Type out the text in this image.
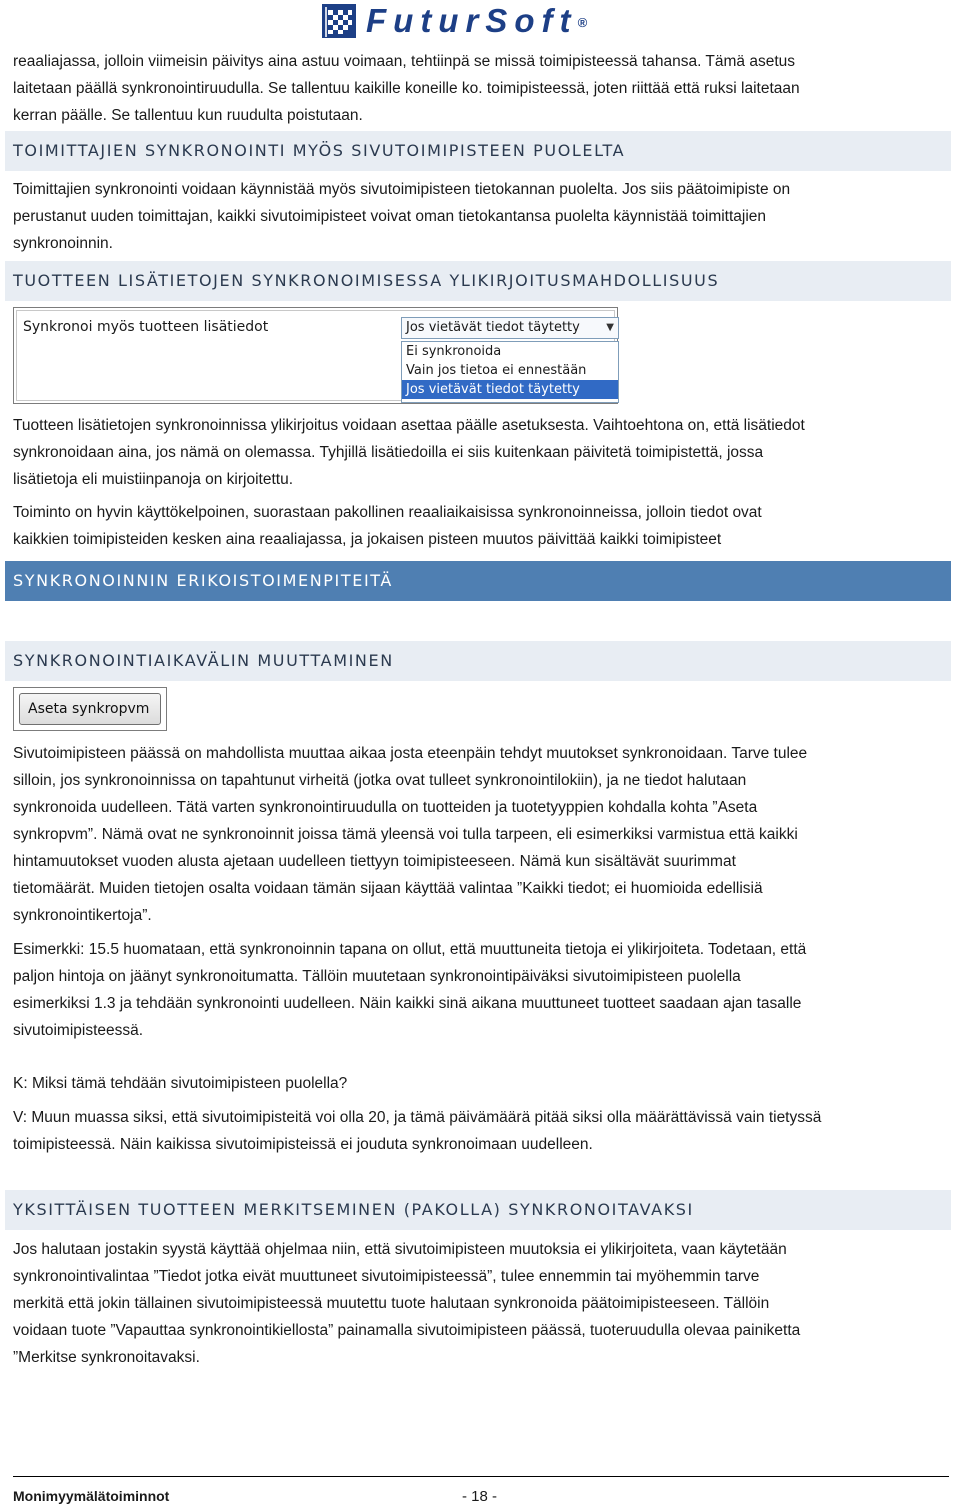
FuturSoft®

reaaliajassa, jolloin viimeisin päivitys aina astuu voimaan, tehtiinpä se missä toimipisteessä tahansa. Tämä asetus

laitetaan päällä synkronointiruudulla. Se tallentuu kaikille koneille ko. toimipisteessä, joten riittää että ruksi laitetaan

kerran päälle. Se tallentuu kun ruudulta poistutaan.

TOIMITTAJIEN SYNKRONOINTI MYÖS SIVUTOIMIPISTEEN PUOLELTA

Toimittajien synkronointi voidaan käynnistää myös sivutoimipisteen tietokannan puolelta. Jos siis päätoimipiste on

perustanut uuden toimittajan, kaikki sivutoimipisteet voivat oman tietokantansa puolelta käynnistää toimittajien

synkronoinnin.

TUOTTEEN LISÄTIETOJEN SYNKRONOIMISESSA YLIKIRJOITUSMAHDOLLISUUS
Synkronoi myös tuotteen lisätiedot	Jos vietävät tiedot täytetty	▼
Ei synkronoida
Vain jos tietoa ei ennestään
Jos vietävät tiedot täytetty

Tuotteen lisätietojen synkronoinnissa ylikirjoitus voidaan asettaa päälle asetuksesta. Vaihtoehtona on, että lisätiedot

synkronoidaan aina, jos nämä on olemassa. Tyhjillä lisätiedoilla ei siis kuitenkaan päivitetä toimipistettä, jossa

lisätietoja eli muistiinpanoja on kirjoitettu.

Toiminto on hyvin käyttökelpoinen, suorastaan pakollinen reaaliaikaisissa synkronoinneissa, jolloin tiedot ovat

kaikkien toimipisteiden kesken aina reaaliajassa, ja jokaisen pisteen muutos päivittää kaikki toimipisteet

SYNKRONOINNIN ERIKOISTOIMENPITEITÄ
SYNKRONOINTIAIKAVÄLIN MUUTTAMINEN
Aseta synkropvm

Sivutoimipisteen päässä on mahdollista muuttaa aikaa josta eteenpäin tehdyt muutokset synkronoidaan. Tarve tulee

silloin, jos synkronoinnissa on tapahtunut virheitä (jotka ovat tulleet synkronointilokiin), ja ne tiedot halutaan

synkronoida uudelleen. Tätä varten synkronointiruudulla on tuotteiden ja tuotetyyppien kohdalla kohta ”Aseta

synkropvm”. Nämä ovat ne synkronoinnit joissa tämä yleensä voi tulla tarpeen, eli esimerkiksi varmistua että kaikki

hintamuutokset vuoden alusta ajetaan uudelleen tiettyyn toimipisteeseen. Nämä kun sisältävät suurimmat

tietomäärät. Muiden tietojen osalta voidaan tämän sijaan käyttää valintaa ”Kaikki tiedot; ei huomioida edellisiä

synkronointikertoja”.

Esimerkki: 15.5 huomataan, että synkronoinnin tapana on ollut, että muuttuneita tietoja ei ylikirjoiteta. Todetaan, että

paljon hintoja on jäänyt synkronoitumatta. Tällöin muutetaan synkronointipäiväksi sivutoimipisteen puolella

esimerkiksi 1.3 ja tehdään synkronointi uudelleen. Näin kaikki sinä aikana muuttuneet tuotteet saadaan ajan tasalle

sivutoimipisteessä.

K: Miksi tämä tehdään sivutoimipisteen puolella?

V: Muun muassa siksi, että sivutoimipisteitä voi olla 20, ja tämä päivämäärä pitää siksi olla määrättävissä vain tietyssä

toimipisteessä. Näin kaikissa sivutoimipisteissä ei jouduta synkronoimaan uudelleen.

YKSITTÄISEN TUOTTEEN MERKITSEMINEN (PAKOLLA) SYNKRONOITAVAKSI

Jos halutaan jostakin syystä käyttää ohjelmaa niin, että sivutoimipisteen muutoksia ei ylikirjoiteta, vaan käytetään

synkronointivalintaa ”Tiedot jotka eivät muuttuneet sivutoimipisteessä”, tulee ennemmin tai myöhemmin tarve

merkitä että jokin tällainen sivutoimipisteessä muutettu tuote halutaan synkronoida päätoimipisteeseen. Tällöin

voidaan tuote ”Vapauttaa synkronointikiellosta” painamalla sivutoimipisteen päässä, tuoteruudulla olevaa painiketta

”Merkitse synkronoitavaksi.

Monimyymälätoiminnot	- 18 -
